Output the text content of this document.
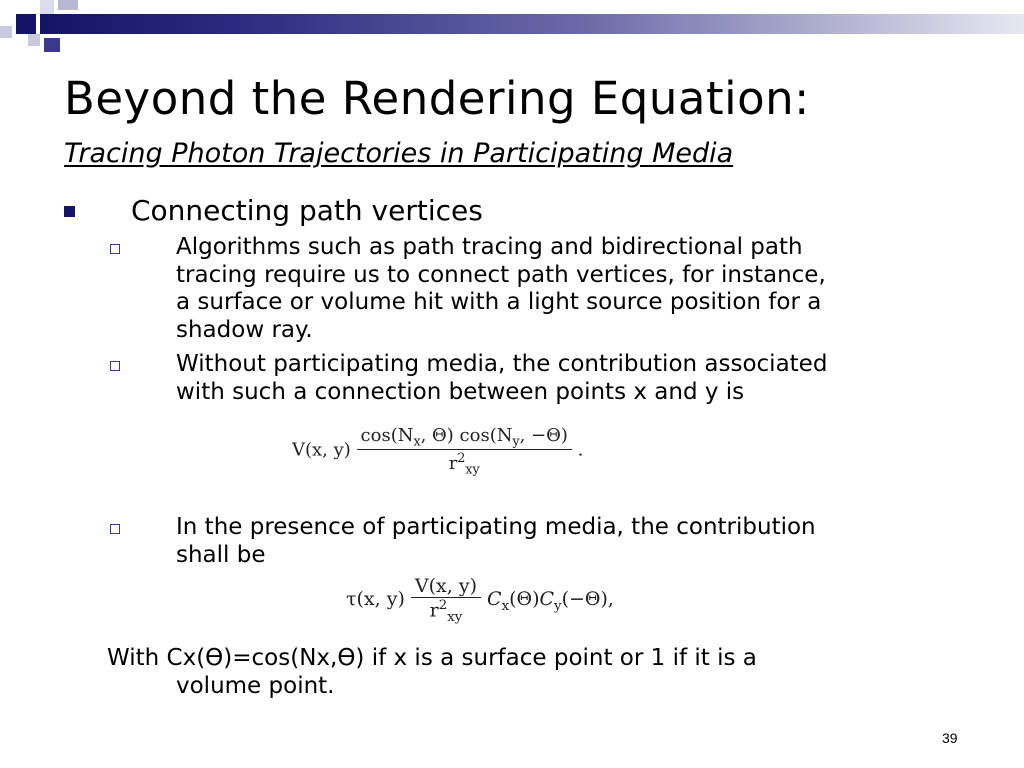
Beyond the Rendering Equation:
Tracing Photon Trajectories in Participating Media
Connecting path vertices
Algorithms such as path tracing and bidirectional path
tracing require us to connect path vertices, for instance,
a surface or volume hit with a light source position for a
shadow ray.
Without participating media, the contribution associated
with such a connection between points x and y is
V(x, $y) \frac{\cos(N_x, \Theta) \cos(N_y, -\Theta)}{r^2_{xy}}$ .
In the presence of participating media, the contribution
shall be
τ(x, $y) \frac{V(x, y)}{r^2_{xy}} C_x(\Theta)C_y(-\Theta)$,
With Cx(ϴ)=cos(Nx,ϴ) if x is a surface point or 1 if it is a
volume point.
39
